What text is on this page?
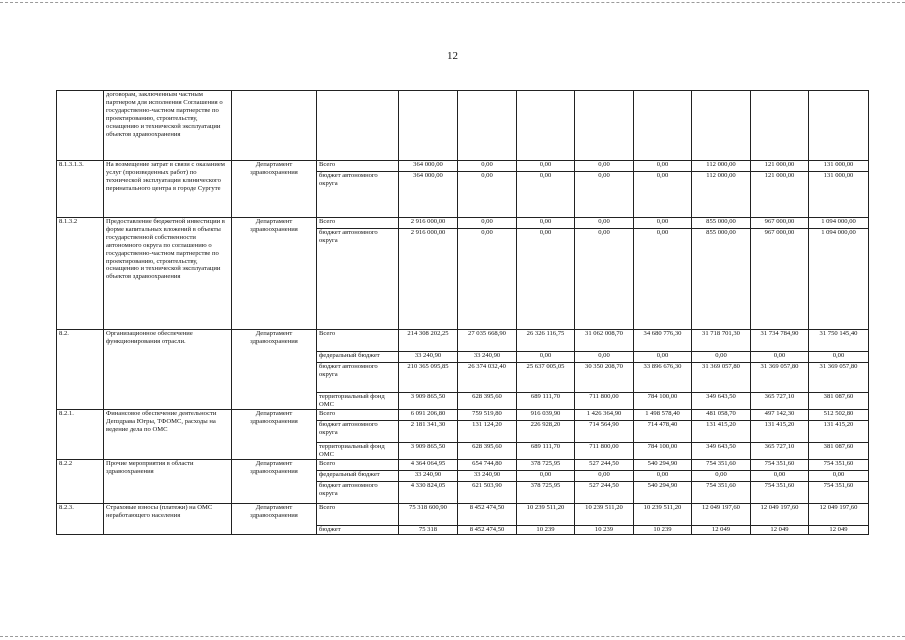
12
	договорам, заключенным частным партнером для исполнения Соглашения о государственно-частном партнерстве по проектированию, строительству, оснащению и технической эксплуатации объектов здравоохранения										
8.1.3.1.3.	На возмещение затрат в связи с оказанием услуг (произведенных работ) по технической эксплуатации клинического перинатального центра в городе Сургуте	Департамент здравоохранения	Всего	364 000,00	0,00	0,00	0,00	0,00	112 000,00	121 000,00	131 000,00
			бюджет автономного округа	364 000,00	0,00	0,00	0,00	0,00	112 000,00	121 000,00	131 000,00
8.1.3.2	Предоставление бюджетной инвестиции в форме капитальных вложений в объекты государственной собственности автономного округа по соглашению о государственно-частном партнерстве по проектированию, строительству, оснащению и технической эксплуатации объектов здравоохранения	Департамент здравоохранения	Всего	2 916 000,00	0,00	0,00	0,00	0,00	855 000,00	967 000,00	1 094 000,00
			бюджет автономного округа	2 916 000,00	0,00	0,00	0,00	0,00	855 000,00	967 000,00	1 094 000,00
8.2.	Организационное обеспечение функционирования отрасли.	Департамент здравоохранения	Всего	214 308 202,25	27 035 668,90	26 326 116,75	31 062 008,70	34 680 776,30	31 718 701,30	31 734 784,90	31 750 145,40
			федеральный бюджет	33 240,90	33 240,90	0,00	0,00	0,00	0,00	0,00	0,00
			бюджет автономного округа	210 365 095,85	26 374 032,40	25 637 005,05	30 350 208,70	33 896 676,30	31 369 057,80	31 369 057,80	31 369 057,80
			территориальный фонд ОМС	3 909 865,50	628 395,60	689 111,70	711 800,00	784 100,00	349 643,50	365 727,10	381 087,60
8.2.1.	Финансовое обеспечение деятельности Депздрава Югры, ТФОМС, расходы на ведение дела по ОМС	Департамент здравоохранения	Всего	6 091 206,80	759 519,80	916 039,90	1 426 364,90	1 498 578,40	481 058,70	497 142,30	512 502,80
			бюджет автономного округа	2 181 341,30	131 124,20	226 928,20	714 564,90	714 478,40	131 415,20	131 415,20	131 415,20
			территориальный фонд ОМС	3 909 865,50	628 395,60	689 111,70	711 800,00	784 100,00	349 643,50	365 727,10	381 087,60
8.2.2	Прочие мероприятия в области здравоохранения	Департамент здравоохранения	Всего	4 364 064,95	654 744,80	378 725,95	527 244,50	540 294,90	754 351,60	754 351,60	754 351,60
			федеральный бюджет	33 240,90	33 240,90	0,00	0,00	0,00	0,00	0,00	0,00
			бюджет автономного округа	4 330 824,05	621 503,90	378 725,95	527 244,50	540 294,90	754 351,60	754 351,60	754 351,60
8.2.3.	Страховые взносы (платежи) на ОМС неработающего населения	Департамент здравоохранения	Всего	75 318 600,90	8 452 474,50	10 239 511,20	10 239 511,20	10 239 511,20	12 049 197,60	12 049 197,60	12 049 197,60
			бюджет	75 318	8 452 474,50	10 239	10 239	10 239	12 049	12 049	12 049
